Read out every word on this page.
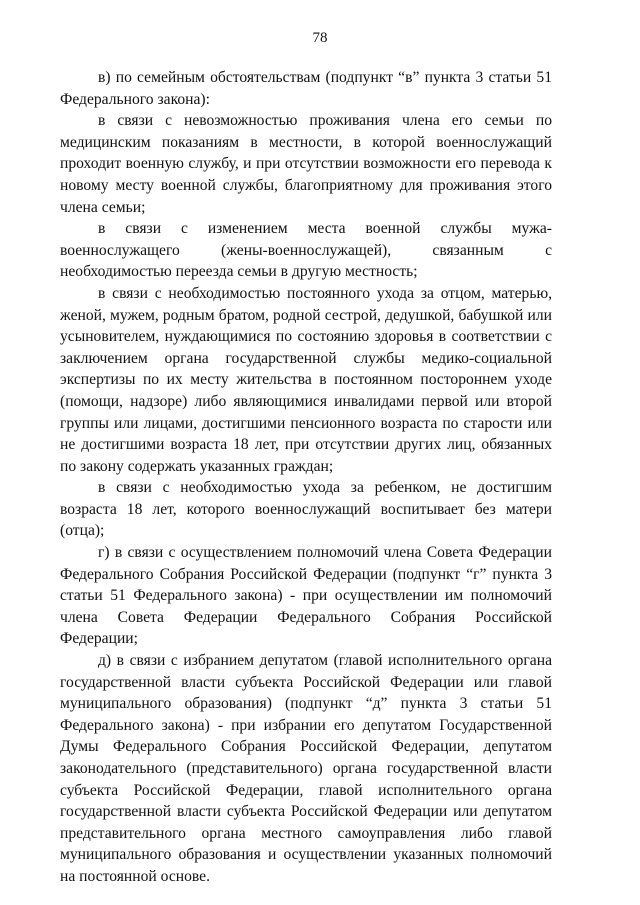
78

в) по семейным обстоятельствам (подпункт “в” пункта 3 статьи 51 Федерального закона):

в связи с невозможностью проживания члена его семьи по медицинским показаниям в местности, в которой военнослужащий проходит военную службу, и при отсутствии возможности его перевода к новому месту военной службы, благоприятному для проживания этого члена семьи;

в связи с изменением места военной службы мужа-военнослужащего (жены-военнослужащей), связанным с необходимостью переезда семьи в другую местность;

в связи с необходимостью постоянного ухода за отцом, матерью, женой, мужем, родным братом, родной сестрой, дедушкой, бабушкой или усыновителем, нуждающимися по состоянию здоровья в соответствии с заключением органа государственной службы медико-социальной экспертизы по их месту жительства в постоянном постороннем уходе (помощи, надзоре) либо являющимися инвалидами первой или второй группы или лицами, достигшими пенсионного возраста по старости или не достигшими возраста 18 лет, при отсутствии других лиц, обязанных по закону содержать указанных граждан;

в связи с необходимостью ухода за ребенком, не достигшим возраста 18 лет, которого военнослужащий воспитывает без матери (отца);

г) в связи с осуществлением полномочий члена Совета Федерации Федерального Собрания Российской Федерации (подпункт “г” пункта 3 статьи 51 Федерального закона) - при осуществлении им полномочий члена Совета Федерации Федерального Собрания Российской Федерации;

д) в связи с избранием депутатом (главой исполнительного органа государственной власти субъекта Российской Федерации или главой муниципального образования) (подпункт “д” пункта 3 статьи 51 Федерального закона) - при избрании его депутатом Государственной Думы Федерального Собрания Российской Федерации, депутатом законодательного (представительного) органа государственной власти субъекта Российской Федерации, главой исполнительного органа государственной власти субъекта Российской Федерации или депутатом представительного органа местного самоуправления либо главой муниципального образования и осуществлении указанных полномочий на постоянной основе.
